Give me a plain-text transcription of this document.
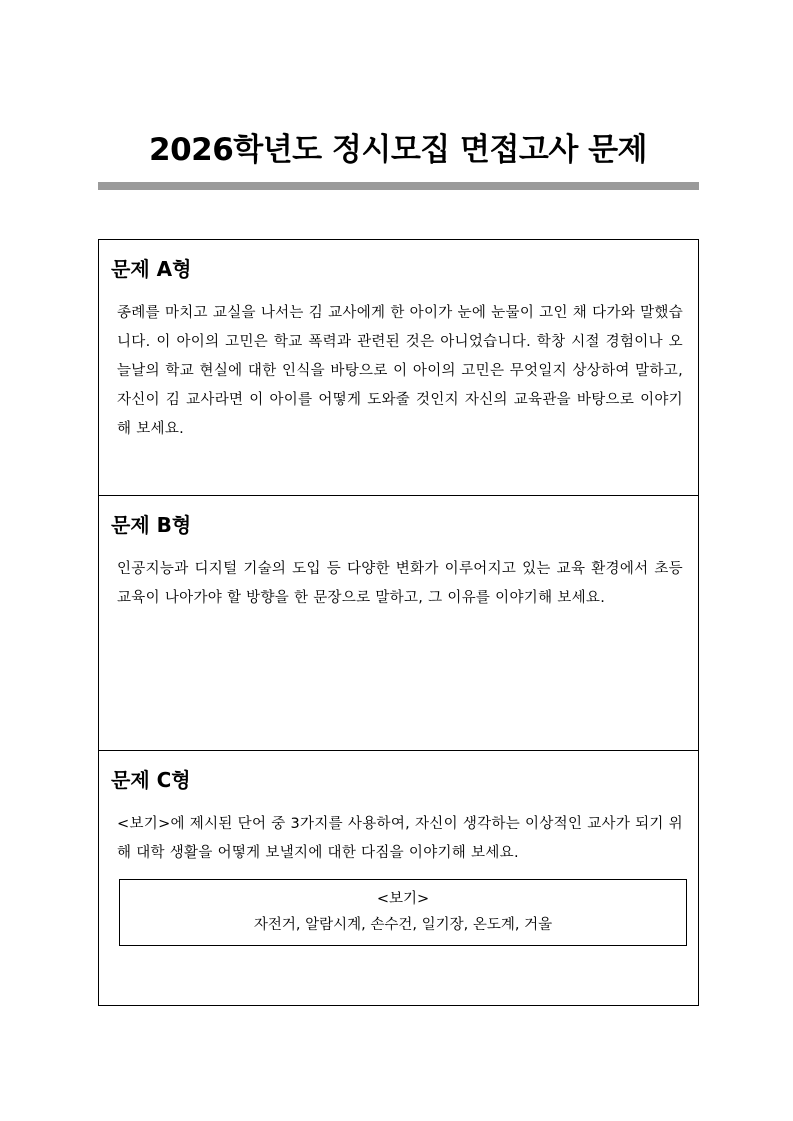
2026학년도 정시모집 면접고사 문제
문제 A형
종례를 마치고 교실을 나서는 김 교사에게 한 아이가 눈에 눈물이 고인 채 다가와 말했습니다. 이 아이의 고민은 학교 폭력과 관련된 것은 아니었습니다. 학창 시절 경험이나 오늘날의 학교 현실에 대한 인식을 바탕으로 이 아이의 고민은 무엇일지 상상하여 말하고, 자신이 김 교사라면 이 아이를 어떻게 도와줄 것인지 자신의 교육관을 바탕으로 이야기해 보세요.
문제 B형
인공지능과 디지털 기술의 도입 등 다양한 변화가 이루어지고 있는 교육 환경에서 초등 교육이 나아가야 할 방향을 한 문장으로 말하고, 그 이유를 이야기해 보세요.
문제 C형
<보기>에 제시된 단어 중 3가지를 사용하여, 자신이 생각하는 이상적인 교사가 되기 위해 대학 생활을 어떻게 보낼지에 대한 다짐을 이야기해 보세요.
<보기>
자전거, 알람시계, 손수건, 일기장, 온도계, 거울
